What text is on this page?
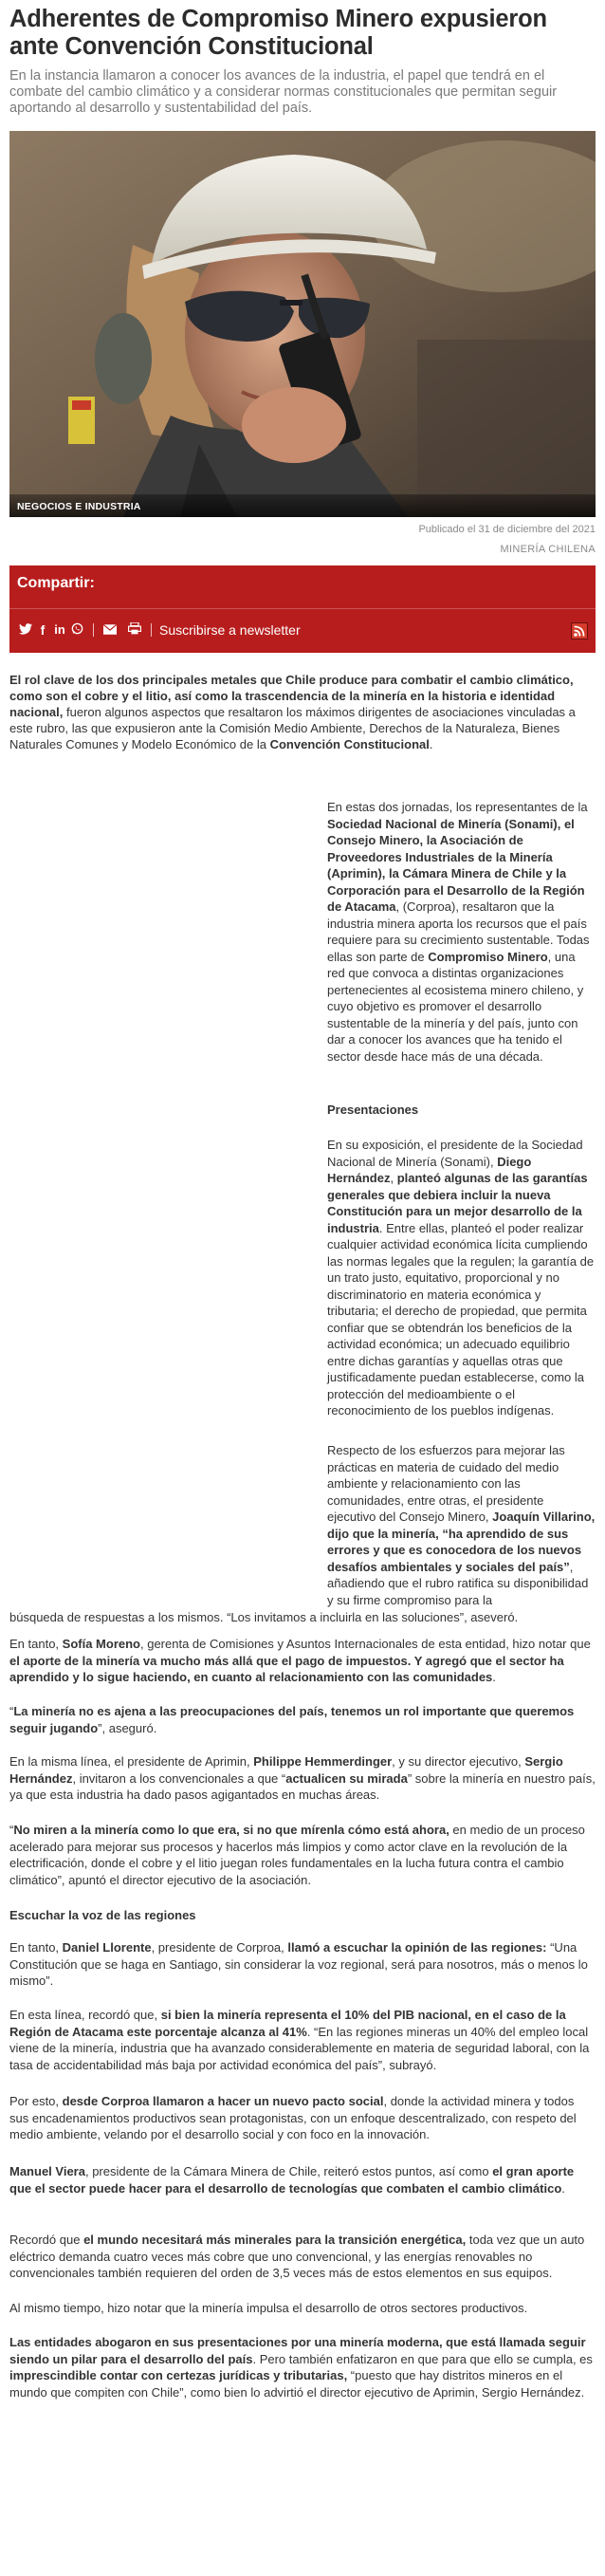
Adherentes de Compromiso Minero expusieron ante Convención Constitucional

En la instancia llamaron a conocer los avances de la industria, el papel que tendrá en el combate del cambio climático y a considerar normas constitucionales que permitan seguir aportando al desarrollo y sustentabilidad del país.

NEGOCIOS E INDUSTRIA
Publicado el 31 de diciembre del 2021
MINERÍA CHILENA
Compartir:
f in	Suscribirse a newsletter

El rol clave de los dos principales metales que Chile produce para combatir el cambio climático, como son el cobre y el litio, así como la trascendencia de la minería en la historia e identidad nacional, fueron algunos aspectos que resaltaron los máximos dirigentes de asociaciones vinculadas a este rubro, las que expusieron ante la Comisión Medio Ambiente, Derechos de la Naturaleza, Bienes Naturales Comunes y Modelo Económico de la Convención Constitucional.

En estas dos jornadas, los representantes de la Sociedad Nacional de Minería (Sonami), el Consejo Minero, la Asociación de Proveedores Industriales de la Minería (Aprimin), la Cámara Minera de Chile y la Corporación para el Desarrollo de la Región de Atacama, (Corproa), resaltaron que la industria minera aporta los recursos que el país requiere para su crecimiento sustentable. Todas ellas son parte de Compromiso Minero, una red que convoca a distintas organizaciones pertenecientes al ecosistema minero chileno, y cuyo objetivo es promover el desarrollo sustentable de la minería y del país, junto con dar a conocer los avances que ha tenido el sector desde hace más de una década.

Presentaciones

En su exposición, el presidente de la Sociedad Nacional de Minería (Sonami), Diego Hernández, planteó algunas de las garantías generales que debiera incluir la nueva Constitución para un mejor desarrollo de la industria. Entre ellas, planteó el poder realizar cualquier actividad económica lícita cumpliendo las normas legales que la regulen; la garantía de un trato justo, equitativo, proporcional y no discriminatorio en materia económica y tributaria; el derecho de propiedad, que permita confiar que se obtendrán los beneficios de la actividad económica; un adecuado equilibrio entre dichas garantías y aquellas otras que justificadamente puedan establecerse, como la protección del medioambiente o el reconocimiento de los pueblos indígenas.

Respecto de los esfuerzos para mejorar las prácticas en materia de cuidado del medio ambiente y relacionamiento con las comunidades, entre otras, el presidente ejecutivo del Consejo Minero, Joaquín Villarino, dijo que la minería, “ha aprendido de sus errores y que es conocedora de los nuevos desafíos ambientales y sociales del país”, añadiendo que el rubro ratifica su disponibilidad y su firme compromiso para la

búsqueda de respuestas a los mismos. “Los invitamos a incluirla en las soluciones”, aseveró.

En tanto, Sofía Moreno, gerenta de Comisiones y Asuntos Internacionales de esta entidad, hizo notar que el aporte de la minería va mucho más allá que el pago de impuestos. Y agregó que el sector ha aprendido y lo sigue haciendo, en cuanto al relacionamiento con las comunidades.

“La minería no es ajena a las preocupaciones del país, tenemos un rol importante que queremos seguir jugando”, aseguró.

En la misma línea, el presidente de Aprimin, Philippe Hemmerdinger, y su director ejecutivo, Sergio Hernández, invitaron a los convencionales a que “actualicen su mirada” sobre la minería en nuestro país, ya que esta industria ha dado pasos agigantados en muchas áreas.

“No miren a la minería como lo que era, si no que mírenla cómo está ahora, en medio de un proceso acelerado para mejorar sus procesos y hacerlos más limpios y como actor clave en la revolución de la electrificación, donde el cobre y el litio juegan roles fundamentales en la lucha futura contra el cambio climático”, apuntó el director ejecutivo de la asociación.

Escuchar la voz de las regiones

En tanto, Daniel Llorente, presidente de Corproa, llamó a escuchar la opinión de las regiones: “Una Constitución que se haga en Santiago, sin considerar la voz regional, será para nosotros, más o menos lo mismo”.

En esta línea, recordó que, si bien la minería representa el 10% del PIB nacional, en el caso de la Región de Atacama este porcentaje alcanza al 41%. “En las regiones mineras un 40% del empleo local viene de la minería, industria que ha avanzado considerablemente en materia de seguridad laboral, con la tasa de accidentabilidad más baja por actividad económica del país”, subrayó.

Por esto, desde Corproa llamaron a hacer un nuevo pacto social, donde la actividad minera y todos sus encadenamientos productivos sean protagonistas, con un enfoque descentralizado, con respeto del medio ambiente, velando por el desarrollo social y con foco en la innovación.

Manuel Viera, presidente de la Cámara Minera de Chile, reiteró estos puntos, así como el gran aporte que el sector puede hacer para el desarrollo de tecnologías que combaten el cambio climático.

Recordó que el mundo necesitará más minerales para la transición energética, toda vez que un auto eléctrico demanda cuatro veces más cobre que uno convencional, y las energías renovables no convencionales también requieren del orden de 3,5 veces más de estos elementos en sus equipos.

Al mismo tiempo, hizo notar que la minería impulsa el desarrollo de otros sectores productivos.

Las entidades abogaron en sus presentaciones por una minería moderna, que está llamada seguir siendo un pilar para el desarrollo del país. Pero también enfatizaron en que para que ello se cumpla, es imprescindible contar con certezas jurídicas y tributarias, “puesto que hay distritos mineros en el mundo que compiten con Chile”, como bien lo advirtió el director ejecutivo de Aprimin, Sergio Hernández.
